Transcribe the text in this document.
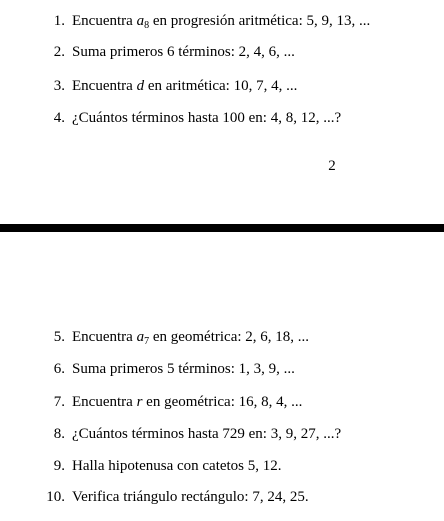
1. Encuentra $a_8$ en progresión aritmética: 5, 9, 13, ...
2. Suma primeros 6 términos: 2, 4, 6, ...
3. Encuentra d en aritmética: 10, 7, 4, ...
4. ¿Cuántos términos hasta 100 en: 4, 8, 12, ...?
2
5. Encuentra $a_7$ en geométrica: 2, 6, 18, ...
6. Suma primeros 5 términos: 1, 3, 9, ...
7. Encuentra r en geométrica: 16, 8, 4, ...
8. ¿Cuántos términos hasta 729 en: 3, 9, 27, ...?
9. Halla hipotenusa con catetos 5, 12.
10. Verifica triángulo rectángulo: 7, 24, 25.
